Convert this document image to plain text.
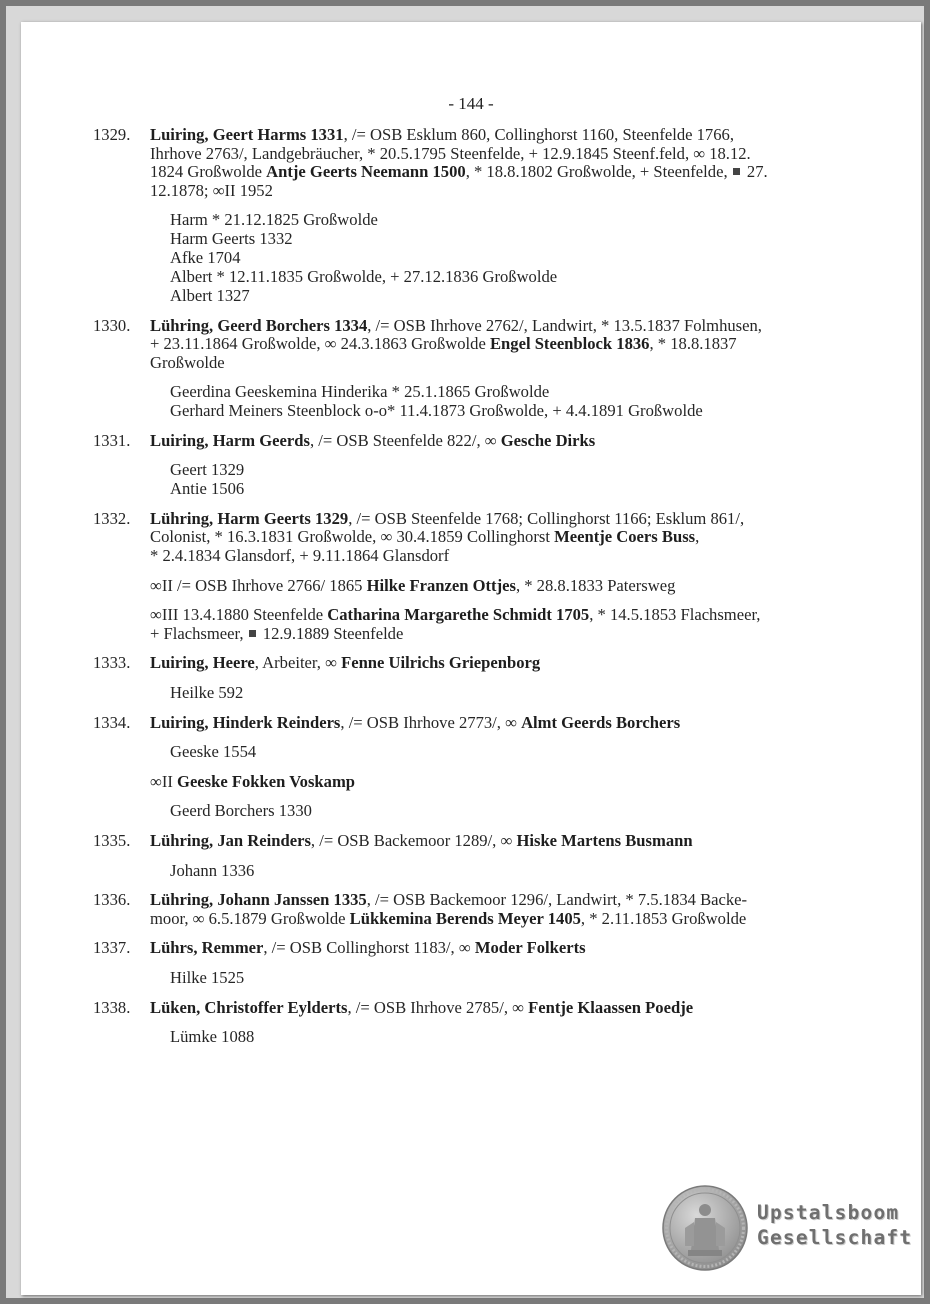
- 144 -
1329. Luiring, Geert Harms 1331, /= OSB Esklum 860, Collinghorst 1160, Steenfelde 1766,
Ihrhove 2763/, Landgebräucher, * 20.5.1795 Steenfelde, + 12.9.1845 Steenf.feld, ∞ 18.12.
1824 Großwolde Antje Geerts Neemann 1500, * 18.8.1802 Großwolde, + Steenfelde,  27.
12.1878; ∞II 1952
Harm * 21.12.1825 Großwolde
Harm Geerts 1332
Afke 1704
Albert * 12.11.1835 Großwolde, + 27.12.1836 Großwolde
Albert 1327
1330. Lühring, Geerd Borchers 1334, /= OSB Ihrhove 2762/, Landwirt, * 13.5.1837 Folmhusen,
+ 23.11.1864 Großwolde, ∞ 24.3.1863 Großwolde Engel Steenblock 1836, * 18.8.1837
Großwolde
Geerdina Geeskemina Hinderika * 25.1.1865 Großwolde
Gerhard Meiners Steenblock o-o* 11.4.1873 Großwolde, + 4.4.1891 Großwolde
1331. Luiring, Harm Geerds, /= OSB Steenfelde 822/, ∞ Gesche Dirks
Geert 1329
Antie 1506
1332. Lühring, Harm Geerts 1329, /= OSB Steenfelde 1768; Collinghorst 1166; Esklum 861/,
Colonist, * 16.3.1831 Großwolde, ∞ 30.4.1859 Collinghorst Meentje Coers Buss,
* 2.4.1834 Glansdorf, + 9.11.1864 Glansdorf
∞II /= OSB Ihrhove 2766/ 1865 Hilke Franzen Ottjes, * 28.8.1833 Patersweg
∞III 13.4.1880 Steenfelde Catharina Margarethe Schmidt 1705, * 14.5.1853 Flachsmeer,
+ Flachsmeer,  12.9.1889 Steenfelde
1333. Luiring, Heere, Arbeiter, ∞ Fenne Uilrichs Griepenborg
Heilke 592
1334. Luiring, Hinderk Reinders, /= OSB Ihrhove 2773/, ∞ Almt Geerds Borchers
Geeske 1554
∞II Geeske Fokken Voskamp
Geerd Borchers 1330
1335. Lühring, Jan Reinders, /= OSB Backemoor 1289/, ∞ Hiske Martens Busmann
Johann 1336
1336. Lühring, Johann Janssen 1335, /= OSB Backemoor 1296/, Landwirt, * 7.5.1834 Backe-
moor, ∞ 6.5.1879 Großwolde Lükkemina Berends Meyer 1405, * 2.11.1853 Großwolde
1337. Lührs, Remmer, /= OSB Collinghorst 1183/, ∞ Moder Folkerts
Hilke 1525
1338. Lüken, Christoffer Eylderts, /= OSB Ihrhove 2785/, ∞ Fentje Klaassen Poedje
Lümke 1088
Upstalsboom
Gesellschaft
